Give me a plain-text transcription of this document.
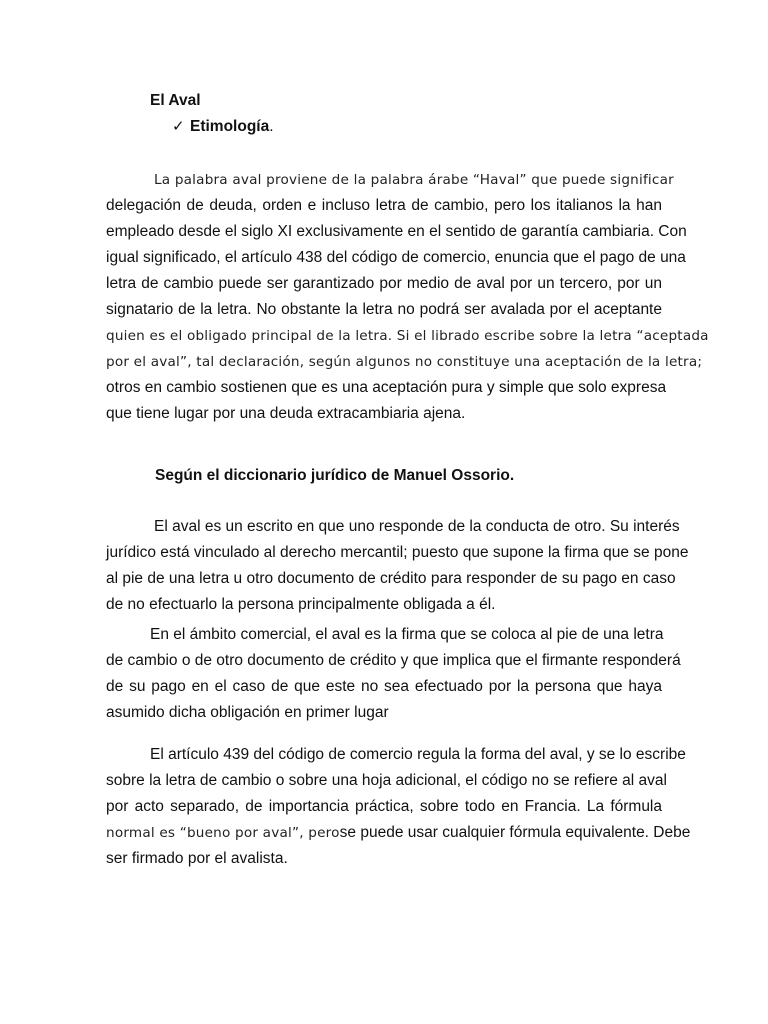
El Aval
✓ Etimología.
La palabra aval proviene de la palabra árabe “Haval” que puede significar
delegación de deuda, orden e incluso letra de cambio, pero los italianos la han
empleado desde el siglo XI exclusivamente en el sentido de garantía cambiaria. Con
igual significado, el artículo 438 del código de comercio, enuncia que el pago de una
letra de cambio puede ser garantizado por medio de aval por un tercero, por un
signatario de la letra. No obstante la letra no podrá ser avalada por el aceptante
quien es el obligado principal de la letra. Si el librado escribe sobre la letra “aceptada
por el aval”, tal declaración, según algunos no constituye una aceptación de la letra;
otros en cambio sostienen que es una aceptación pura y simple que solo expresa
que tiene lugar por una deuda extracambiaria ajena.
Según el diccionario jurídico de Manuel Ossorio.
El aval es un escrito en que uno responde de la conducta de otro. Su interés
jurídico está vinculado al derecho mercantil; puesto que supone la firma que se pone
al pie de una letra u otro documento de crédito para responder de su pago en caso
de no efectuarlo la persona principalmente obligada a él.
En el ámbito comercial, el aval es la firma que se coloca al pie de una letra
de cambio o de otro documento de crédito y que implica que el firmante responderá
de su pago en el caso de que este no sea efectuado por la persona que haya
asumido dicha obligación en primer lugar
El artículo 439 del código de comercio regula la forma del aval, y se lo escribe
sobre la letra de cambio o sobre una hoja adicional, el código no se refiere al aval
por acto separado, de importancia práctica, sobre todo en Francia. La fórmula
normal es “bueno por aval”, pero se puede usar cualquier fórmula equivalente. Debe
ser firmado por el avalista.
